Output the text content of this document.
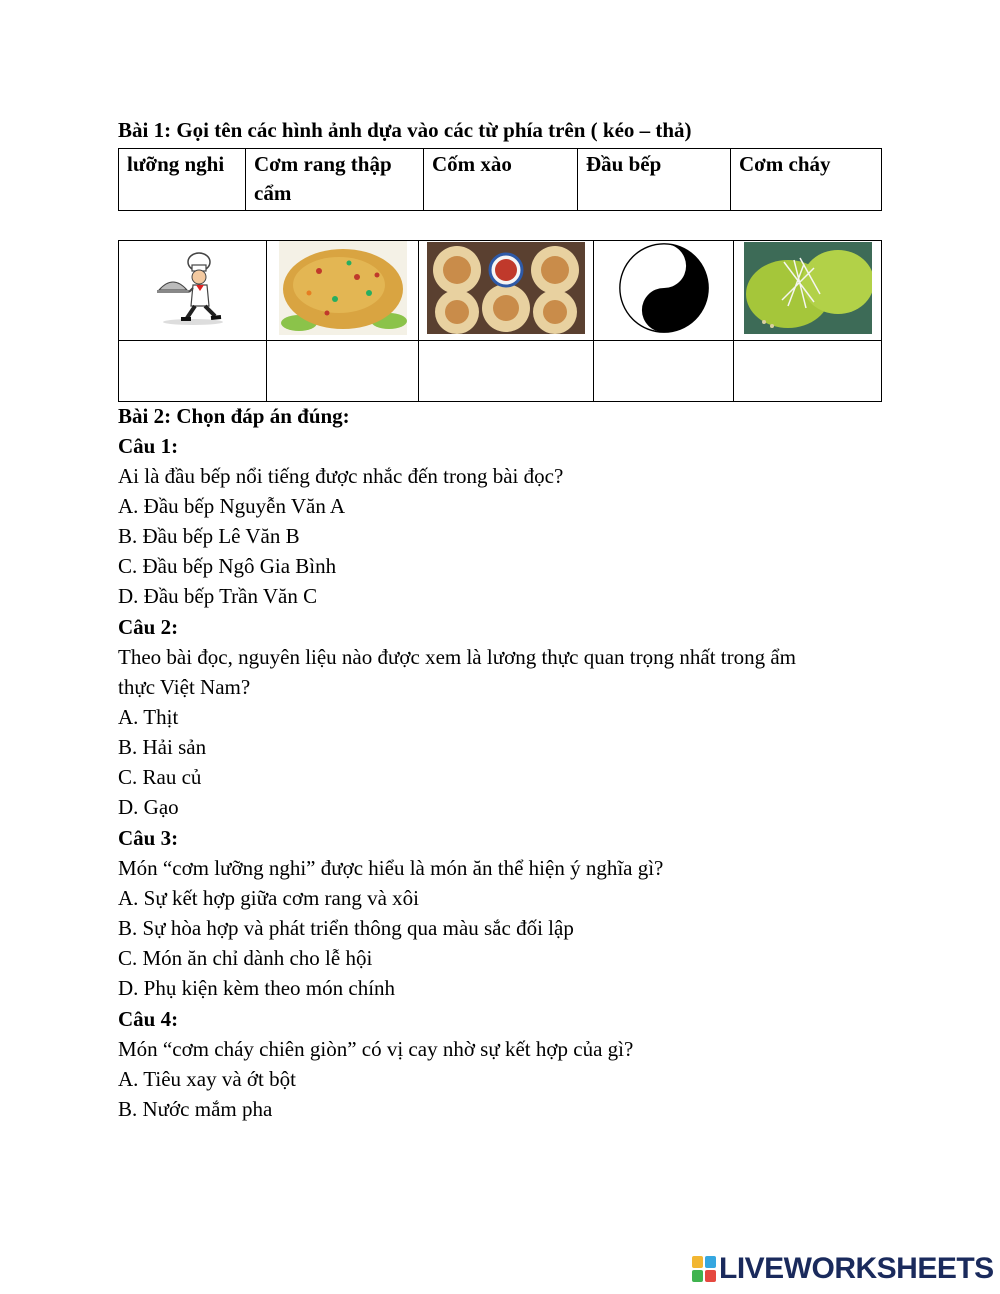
Bài 1: Gọi tên các hình ảnh dựa vào các từ phía trên ( kéo – thả)
lưỡng nghi	Cơm rang thập cẩm	Cốm xào	Đầu bếp	Cơm cháy

Bài 2: Chọn đáp án đúng:
Câu 1:
Ai là đầu bếp nổi tiếng được nhắc đến trong bài đọc?
A. Đầu bếp Nguyễn Văn A
B. Đầu bếp Lê Văn B
C. Đầu bếp Ngô Gia Bình
D. Đầu bếp Trần Văn C
Câu 2:
Theo bài đọc, nguyên liệu nào được xem là lương thực quan trọng nhất trong ẩm
thực Việt Nam?
A. Thịt
B. Hải sản
C. Rau củ
D. Gạo
Câu 3:
Món “cơm lưỡng nghi” được hiểu là món ăn thể hiện ý nghĩa gì?
A. Sự kết hợp giữa cơm rang và xôi
B. Sự hòa hợp và phát triển thông qua màu sắc đối lập
C. Món ăn chỉ dành cho lễ hội
D. Phụ kiện kèm theo món chính
Câu 4:
Món “cơm cháy chiên giòn” có vị cay nhờ sự kết hợp của gì?
A. Tiêu xay và ớt bột
B. Nước mắm pha
LIVEWORKSHEETS
